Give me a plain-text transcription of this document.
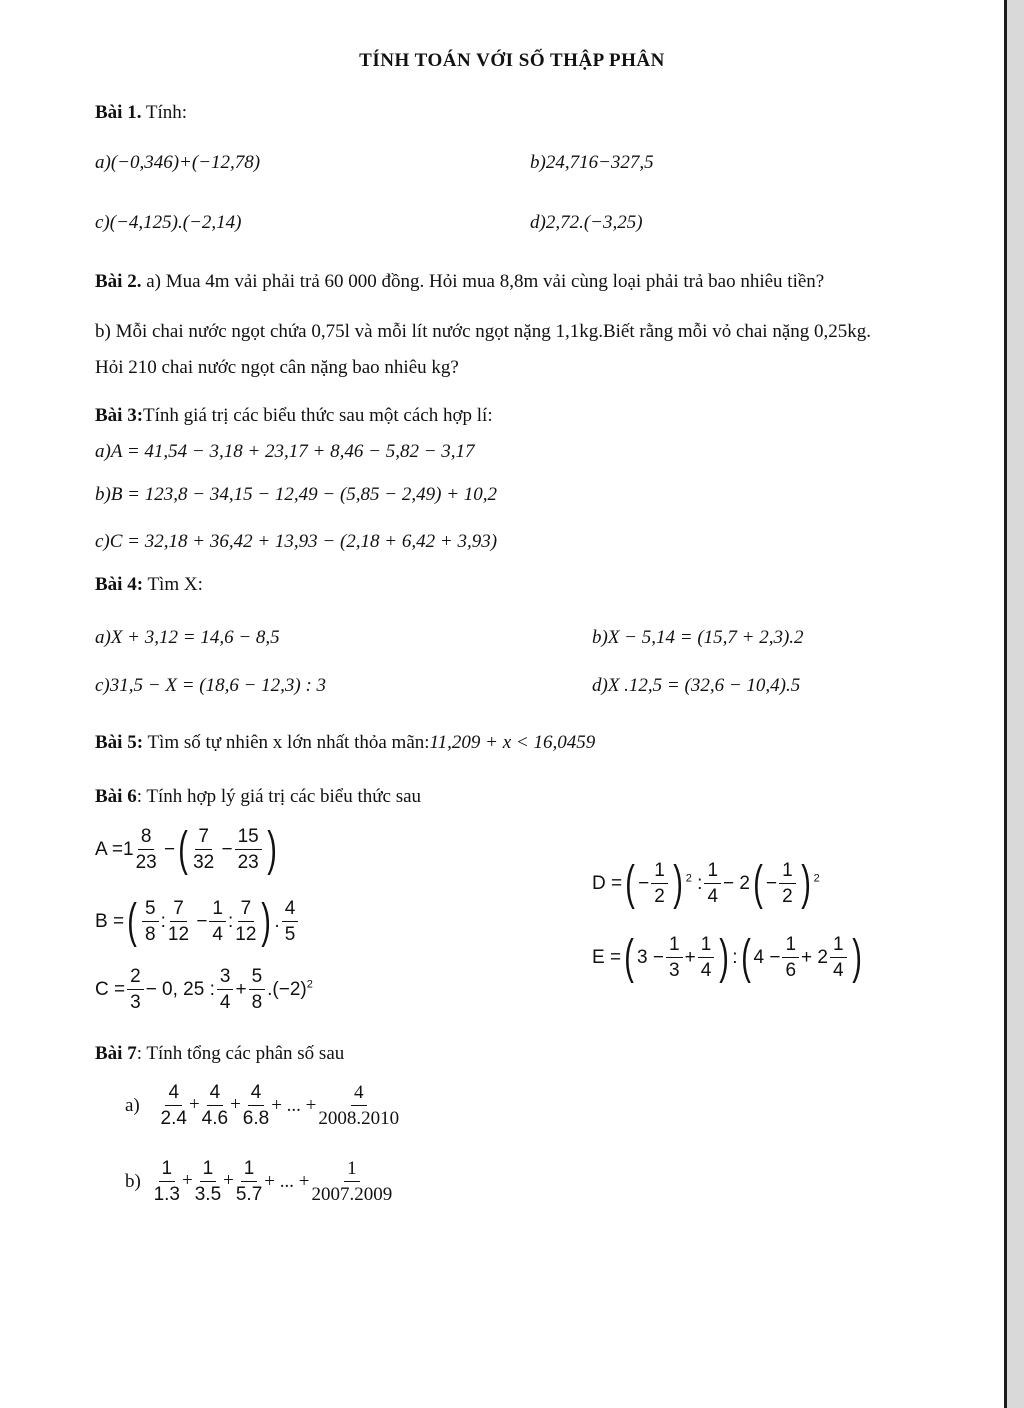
TÍNH TOÁN VỚI SỐ THẬP PHÂN
Bài 1. Tính:
a)(−0,346)+(−12,78)	b)24,716−327,5
c)(−4,125).(−2,14)	d)2,72.(−3,25)
Bài 2. a) Mua 4m vải phải trả 60 000 đồng. Hỏi mua 8,8m vải cùng loại phải trả bao nhiêu tiền?
b) Mỗi chai nước ngọt chứa 0,75l và mỗi lít nước ngọt nặng 1,1kg.Biết rằng mỗi vỏ chai nặng 0,25kg.
Hỏi 210 chai nước ngọt cân nặng bao nhiêu kg?
Bài 3:Tính giá trị các biểu thức sau một cách hợp lí:
a)A = 41,54 − 3,18 + 23,17 + 8,46 − 5,82 − 3,17
b)B = 123,8 − 34,15 − 12,49 − (5,85 − 2,49) + 10,2
c)C = 32,18 + 36,42 + 13,93 − (2,18 + 6,42 + 3,93)
Bài 4: Tìm X:
a)X + 3,12 = 14,6 − 8,5	b)X − 5,14 = (15,7 + 2,3).2
c)31,5 − X = (18,6 − 12,3) : 3	d)X .12,5 = (32,6 − 10,4).5
Bài 5: Tìm số tự nhiên x lớn nhất thỏa mãn:11,209 + x < 16,0459
Bài 6: Tính hợp lý giá trị các biểu thức sau
$A =1 \frac{8}{23}$ −( $\frac{7}{32} - \frac{15}{23}$ )
B =( $\frac{5}{8}$ : $\frac{7}{12} - \frac{1}{4}$ : $\frac{7}{12}$ ) . $\frac{4}{5}$
$C = \frac{2}{3} - 0$, 25 : $\frac{3}{4} + \frac{5}{8} .(-2)^2$
D =( − $\frac{1}{2}$ ) $^2$ : $\frac{1}{4} - 2( - \frac{1}{2}$ ) $^2$
E =( $3 - \frac{1}{3} + \frac{1}{4}$ ) :( $4 - \frac{1}{6} + 2 \frac{1}{4}$ )
Bài 7: Tính tổng các phân số sau
$a) \frac{4}{2.4} + \frac{4}{4.6} + \frac{4}{6.8}$ + ... + $\frac{4}{2008.2010}$
$b) \frac{1}{1.3} + \frac{1}{3.5} + \frac{1}{5.7}$ + ... + $\frac{1}{2007.2009}$
